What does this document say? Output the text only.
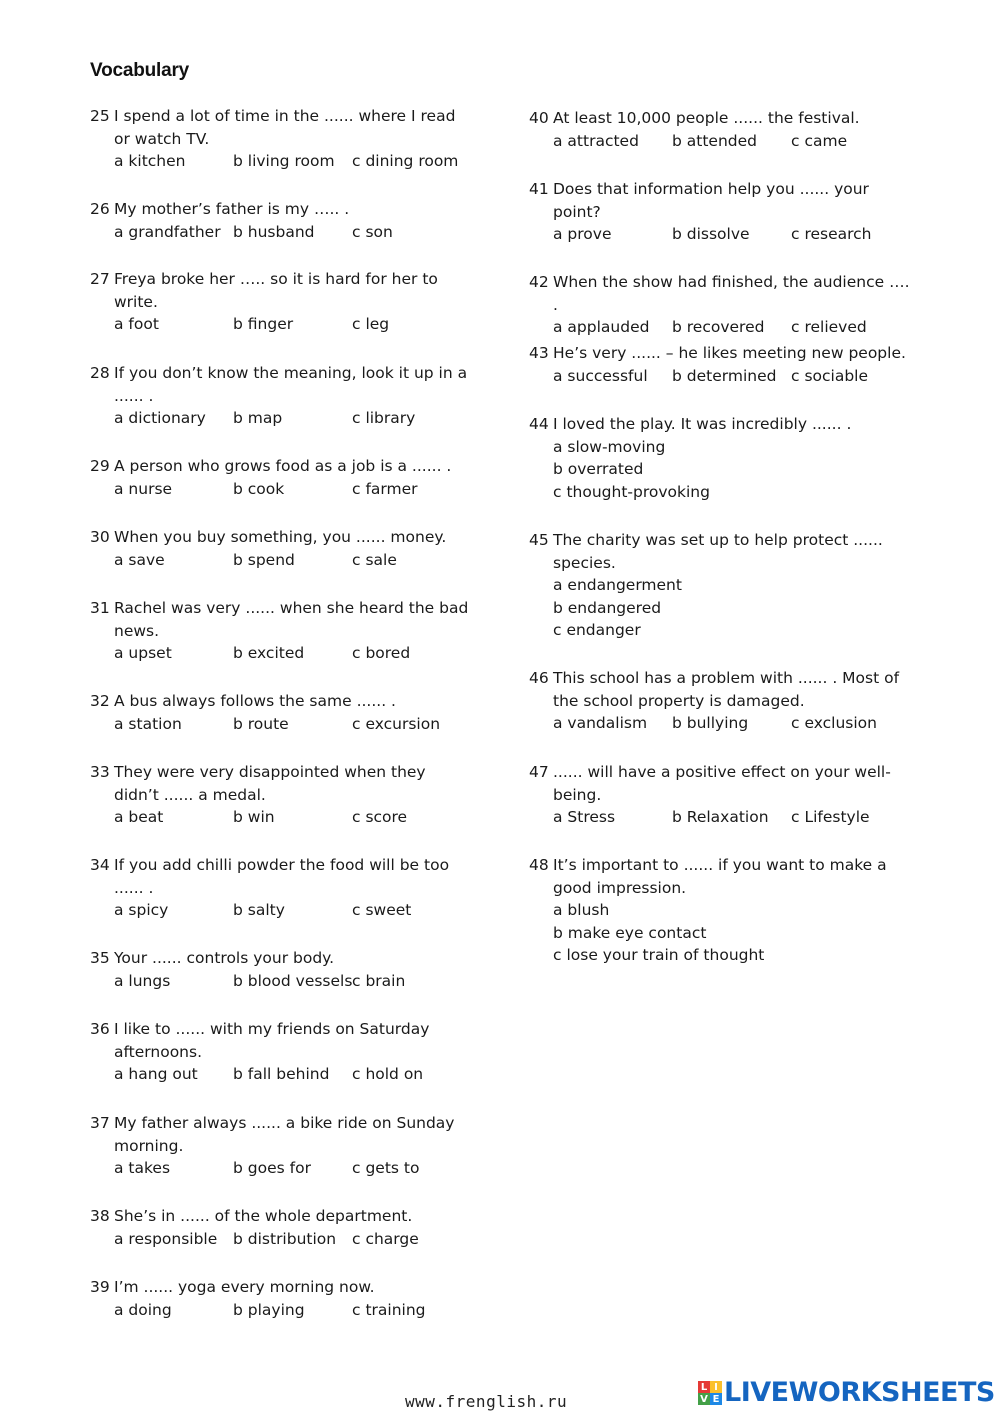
Vocabulary
25 I spend a lot of time in the ...... where I read or watch TV.
a kitchen	b living room c dining room
26 My mother’s father is my ….. .
a grandfather b husband c son
27 Freya broke her ….. so it is hard for her to write.
a foot	b finger	c leg
28 If you don’t know the meaning, look it up in a ...... .
a dictionary b map	c library
29 A person who grows food as a job is a ...... .
a nurse	b cook	c farmer
30 When you buy something, you ...... money.
a save	b spend	c sale
31 Rachel was very ...... when she heard the bad news.
a upset	b excited	c bored
32 A bus always follows the same ...... .
a station	b route	c excursion
33 They were very disappointed when they didn’t ...... a medal.
a beat	b win	c score
34 If you add chilli powder the food will be too ...... .
a spicy	b salty	c sweet
35 Your ...... controls your body.
a lungs	b blood vesselsc brain
36 I like to ...... with my friends on Saturday afternoons.
a hang out b fall behind c hold on
37 My father always ...... a bike ride on Sunday morning.
a takes	b goes for	c gets to
38 She’s in ...... of the whole department.
a responsible b distribution c charge
39 I’m ...... yoga every morning now.
a doing	b playing	c training
40 At least 10,000 people ...... the festival.
a attracted b attended c came
41 Does that information help you ...... your point?
a prove	b dissolve	c research
42 When the show had finished, the audience …. .
a applauded b recovered c relieved
43 He’s very ...... – he likes meeting new people.
a successful b determined c sociable
44 I loved the play. It was incredibly ...... .
a slow-moving
b overrated
c thought-provoking
45 The charity was set up to help protect ...... species.
a endangerment
b endangered
c endanger
46 This school has a problem with ...... . Most of the school property is damaged.
a vandalism b bullying	c exclusion
47 ...... will have a positive effect on your well-being.
a Stress	b Relaxation c Lifestyle
48 It’s important to ...... if you want to make a good impression.
a blush
b make eye contact
c lose your train of thought
www.frenglish.ru
L I
V E LIVEWORKSHEETS
